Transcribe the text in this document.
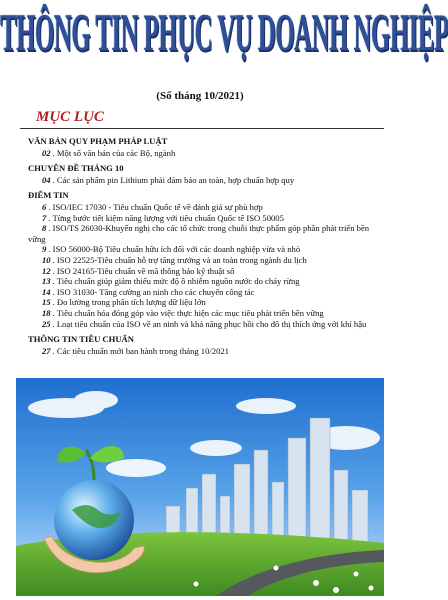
THÔNG TIN PHỤC VỤ DOANH NGHIỆP
(Số tháng 10/2021)
MỤC LỤC
VĂN BẢN QUY PHẠM PHÁP LUẬT
02 . Một số văn bản của các Bộ, ngành
CHUYÊN ĐỀ THÁNG 10
04 . Các sản phẩm pin Lithium phải đảm bảo an toàn, hợp chuẩn hợp quy
ĐIỂM TIN
6 . ISO/IEC 17030 - Tiêu chuẩn Quốc tế về đánh giá sự phù hợp
7 . Từng bước tiết kiệm năng lượng với tiêu chuẩn Quốc tế ISO 50005
8 . ISO/TS 26030-Khuyến nghị cho các tổ chức trong chuỗi thực phẩm góp phần phát triển bền vững
9 . ISO 56000-Bộ Tiêu chuẩn hữu ích đối với các doanh nghiệp vừa và nhỏ
10 . ISO 22525-Tiêu chuẩn hỗ trợ tăng trưởng và an toàn trong ngành du lịch
12 . ISO 24165-Tiêu chuẩn về mã thông báo kỹ thuật số
13 . Tiêu chuẩn giúp giảm thiểu mức độ ô nhiễm nguồn nước do cháy rừng
14 . ISO 31030- Tăng cường an ninh cho các chuyến công tác
15 . Đo lường trong phân tích lượng dữ liệu lớn
18 . Tiêu chuẩn hóa đóng góp vào việc thực hiện các mục tiêu phát triển bền vững
25 . Loạt tiêu chuẩn của ISO về an ninh và khả năng phục hồi cho đô thị thích ứng với khí hậu
THÔNG TIN TIÊU CHUẨN
27 . Các tiêu chuẩn mới ban hành trong tháng 10/2021
